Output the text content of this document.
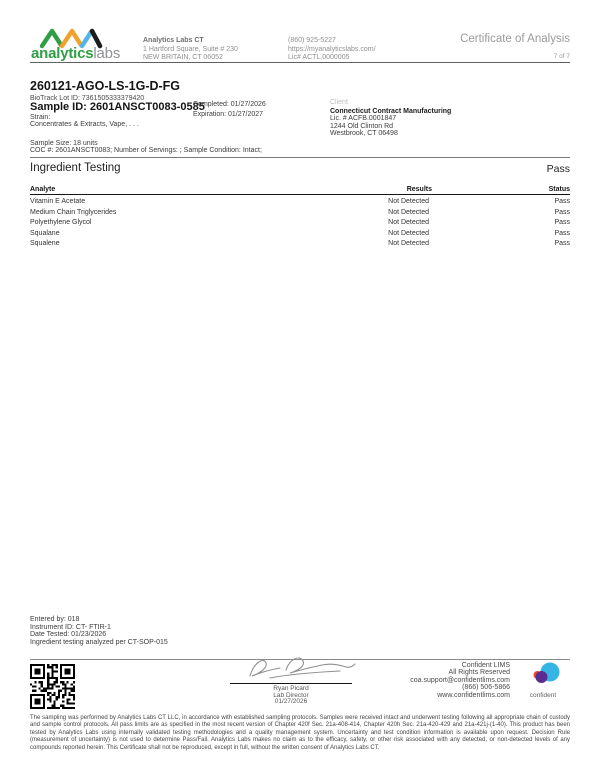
analyticslabs
Analytics Labs CT
1 Hartford Square, Suite # 230
NEW BRITAIN, CT 06052
(860) 925-5227
https://myanalyticslabs.com/
Lic# ACTL.0000005
Certificate of Analysis
7 of 7
260121-AGO-LS-1G-D-FG
BioTrack Lot ID: 7361505333379420
Sample ID: 2601ANSCT0083-0585
Completed: 01/27/2026
Expiration: 01/27/2027
Strain:
Concentrates & Extracts, Vape, . . .
Client
Connecticut Contract Manufacturing
Lic. # ACFB.0001847
1244 Old Clinton Rd
Westbrook, CT 06498
Sample Size: 18 units
COC #: 2601ANSCT0083; Number of Servings: ; Sample Condition: Intact;
Ingredient Testing	Pass
Analyte	Results	Status
Vitamin E Acetate	Not Detected	Pass
Medium Chain Triglycerides	Not Detected	Pass
Polyethylene Glycol	Not Detected	Pass
Squalane	Not Detected	Pass
Squalene	Not Detected	Pass
Entered by: 018
Instrument ID: CT- FTIR-1
Date Tested: 01/23/2026
Ingredient testing analyzed per CT-SOP-015
Ryan Picard
Lab Director
01/27/2026
Confident LIMS
All Rights Reserved
coa.support@confidentlims.com
(866) 506-5866
www.confidentlims.com	confident
The sampling was performed by Analytics Labs CT LLC, in accordance with established sampling protocols. Samples were received intact and underwent testing following all appropriate chain of custody and sample control protocols. All pass limits are as specified in the most recent version of Chapter 420f Sec. 21a-408-414, Chapter 420h Sec. 21a-420-429 and 21a-421j-(1-40). This product has been tested by Analytics Labs using internally validated testing methodologies and a quality management system. Uncertainty and test condition information is available upon request. Decision Rule (measurement of uncertainty) is not used to determine Pass/Fail. Analytics Labs makes no claim as to the efficacy, safety, or other risk associated with any detected, or non-detected levels of any compounds reported herein. This Certificate shall not be reproduced, except in full, without the written consent of Analytics Labs CT.
